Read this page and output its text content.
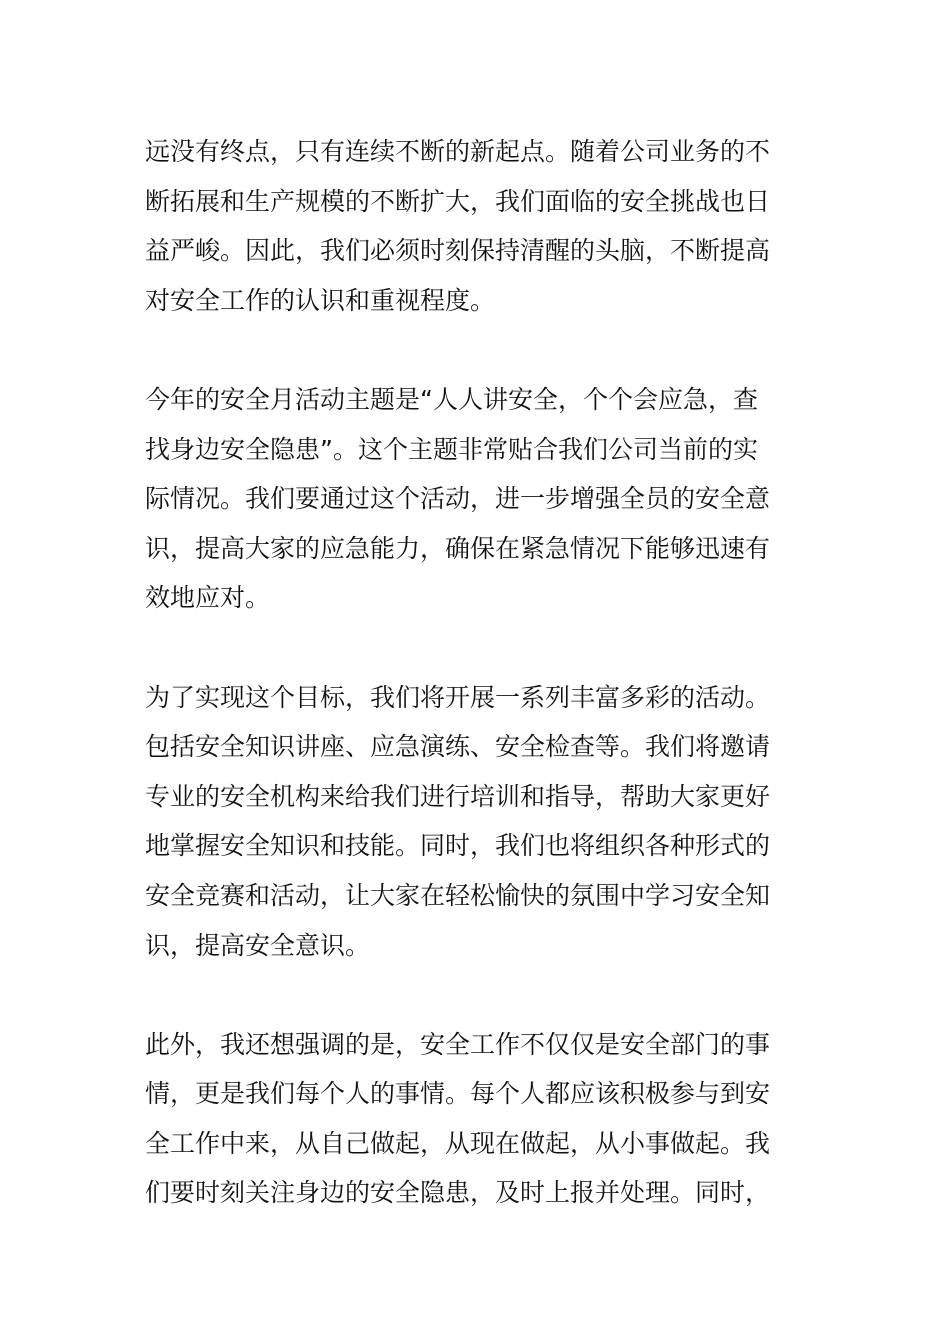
远没有终点，只有连续不断的新起点。随着公司业务的不
断拓展和生产规模的不断扩大，我们面临的安全挑战也日
益严峻。因此，我们必须时刻保持清醒的头脑，不断提高
对安全工作的认识和重视程度。
今年的安全月活动主题是“人人讲安全，个个会应急，查
找身边安全隐患”。这个主题非常贴合我们公司当前的实
际情况。我们要通过这个活动，进一步增强全员的安全意
识，提高大家的应急能力，确保在紧急情况下能够迅速有
效地应对。
为了实现这个目标，我们将开展一系列丰富多彩的活动。
包括安全知识讲座、应急演练、安全检查等。我们将邀请
专业的安全机构来给我们进行培训和指导，帮助大家更好
地掌握安全知识和技能。同时，我们也将组织各种形式的
安全竞赛和活动，让大家在轻松愉快的氛围中学习安全知
识，提高安全意识。
此外，我还想强调的是，安全工作不仅仅是安全部门的事
情，更是我们每个人的事情。每个人都应该积极参与到安
全工作中来，从自己做起，从现在做起，从小事做起。我
们要时刻关注身边的安全隐患，及时上报并处理。同时，
